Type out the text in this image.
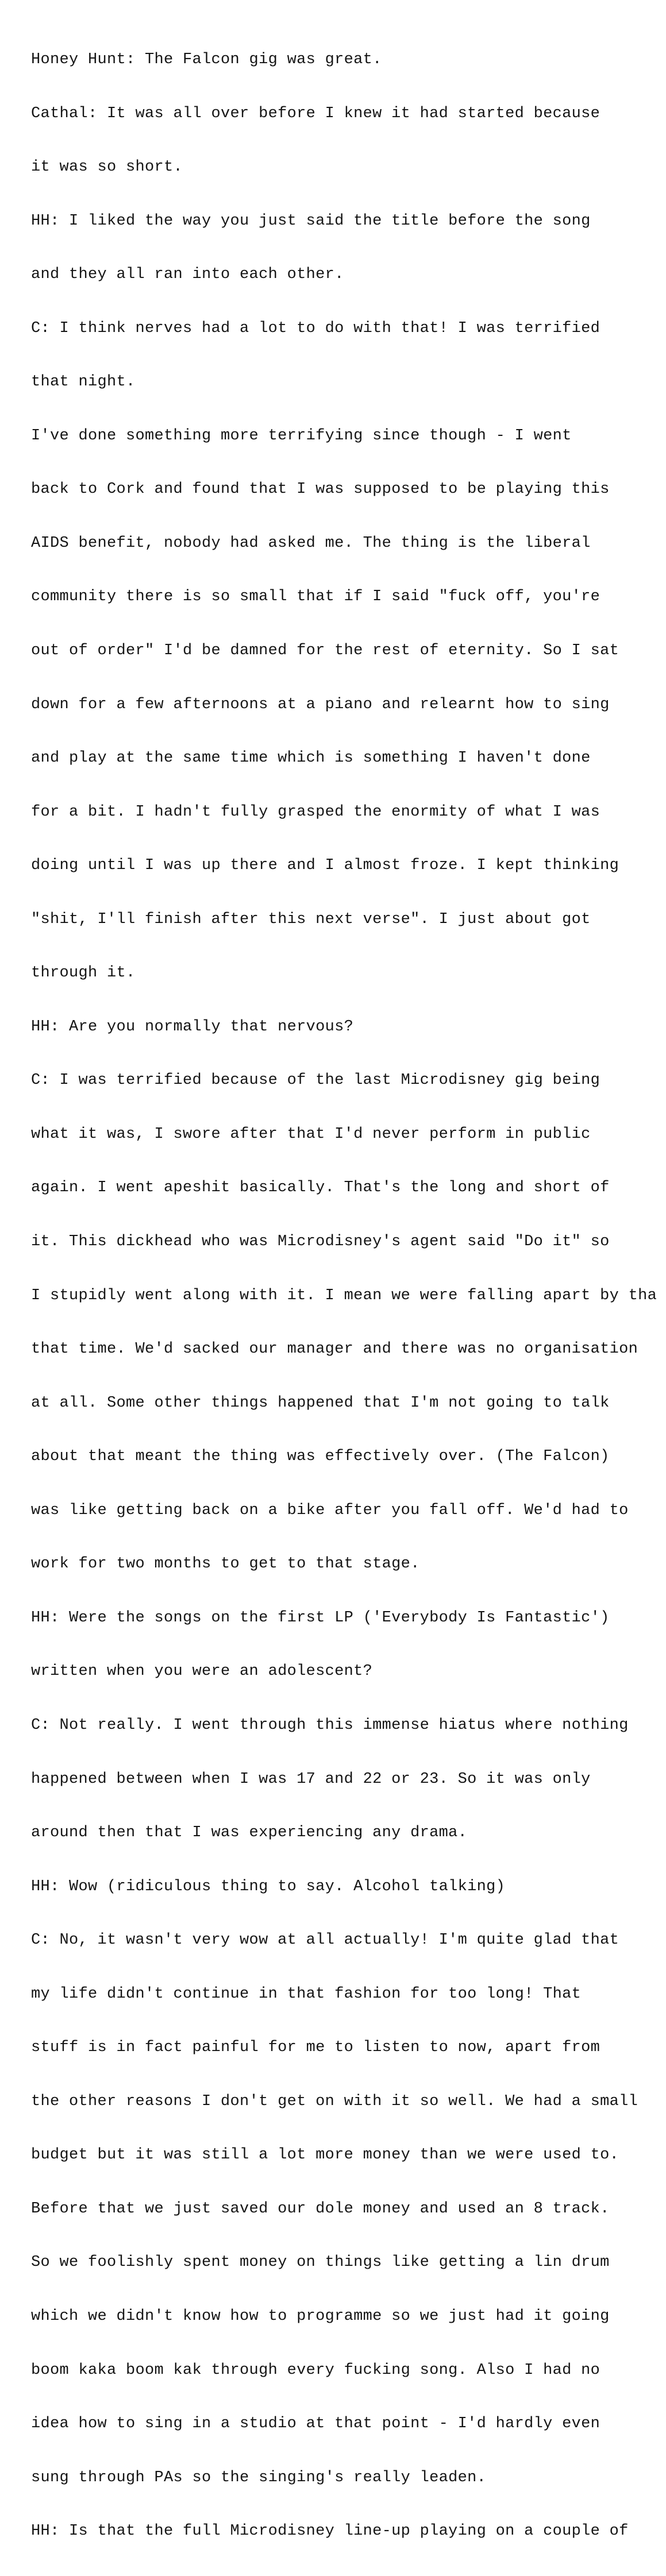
Honey Hunt: The Falcon gig was great.

Cathal: It was all over before I knew it had started because

it was so short.

HH: I liked the way you just said the title before the song

and they all ran into each other.

C: I think nerves had a lot to do with that! I was terrified

that night.

I've done something more terrifying since though - I went

back to Cork and found that I was supposed to be playing this

AIDS benefit, nobody had asked me. The thing is the liberal

community there is so small that if I said "fuck off, you're

out of order" I'd be damned for the rest of eternity. So I sat

down for a few afternoons at a piano and relearnt how to sing

and play at the same time which is something I haven't done

for a bit. I hadn't fully grasped the enormity of what I was

doing until I was up there and I almost froze. I kept thinking

"shit, I'll finish after this next verse". I just about got

through it.

HH: Are you normally that nervous?

C: I was terrified because of the last Microdisney gig being

what it was, I swore after that I'd never perform in public

again. I went apeshit basically. That's the long and short of

it. This dickhead who was Microdisney's agent said "Do it" so

I stupidly went along with it. I mean we were falling apart by tha

that time. We'd sacked our manager and there was no organisation

at all. Some other things happened that I'm not going to talk

about that meant the thing was effectively over. (The Falcon)

was like getting back on a bike after you fall off. We'd had to

work for two months to get to that stage.

HH: Were the songs on the first LP ('Everybody Is Fantastic')

written when you were an adolescent?

C: Not really. I went through this immense hiatus where nothing

happened between when I was 17 and 22 or 23. So it was only

around then that I was experiencing any drama.

HH: Wow (ridiculous thing to say. Alcohol talking)

C: No, it wasn't very wow at all actually! I'm quite glad that

my life didn't continue in that fashion for too long! That

stuff is in fact painful for me to listen to now, apart from

the other reasons I don't get on with it so well. We had a small

budget but it was still a lot more money than we were used to.

Before that we just saved our dole money and used an 8 track.

So we foolishly spent money on things like getting a lin drum

which we didn't know how to programme so we just had it going

boom kaka boom kak through every fucking song. Also I had no

idea how to sing in a studio at that point - I'd hardly even

sung through PAs so the singing's really leaden.

HH: Is that the full Microdisney line-up playing on a couple of
